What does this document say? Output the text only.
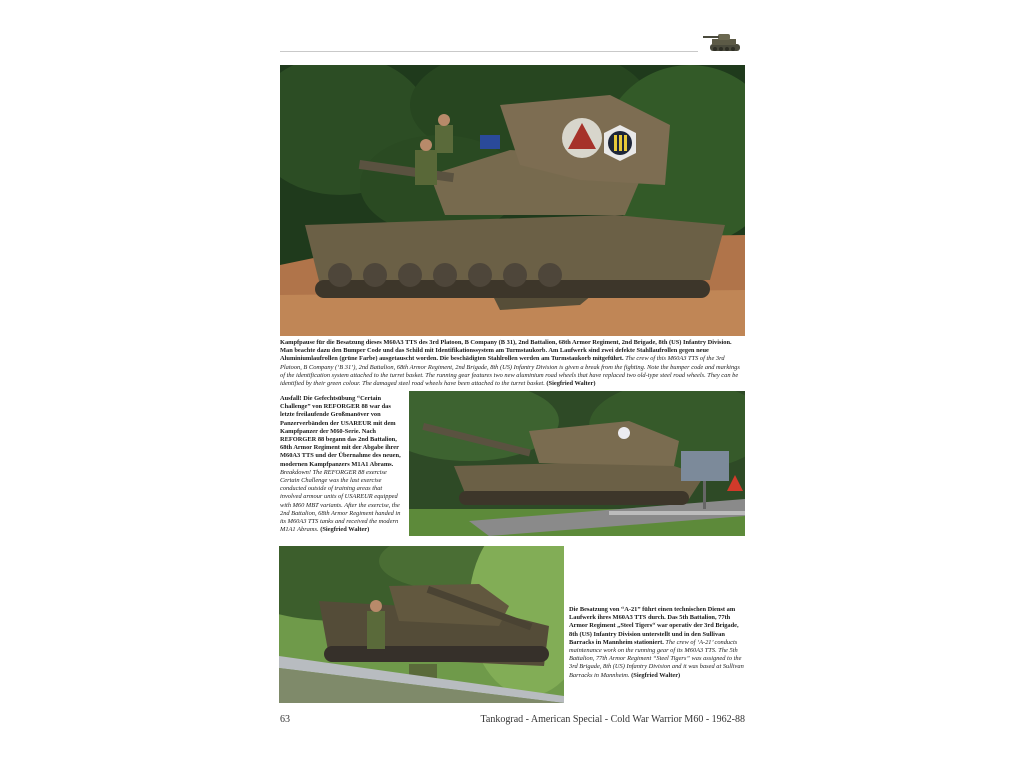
Kampfpause für die Besatzung dieses M60A3 TTS des 3rd Platoon, B Company (B 31), 2nd Battalion, 68th Armor Regiment, 2nd Brigade, 8th (US) Infantry Division. Man beachte dazu den Bumper Code und das Schild mit Identifikationssystem am Turmstaukorb. Am Laufwerk sind zwei defekte Stahllaufrollen gegen neue Aluminiumlaufrollen (grüne Farbe) ausgetauscht worden. Die beschädigten Stahlrollen werden am Turmstaukorb mitgeführt. The crew of this M60A3 TTS of the 3rd Platoon, B Company (‘B 31’), 2nd Battalion, 68th Armor Regiment, 2nd Brigade, 8th (US) Infantry Division is given a break from the fighting. Note the bumper code and markings of the identification system attached to the turret basket. The running gear features two new aluminium road wheels that have replaced two old-type steel road wheels. They can be identified by their green colour. The damaged steel road wheels have been attached to the turret basket. (Siegfried Walter)
Ausfall! Die Gefechtsübung “Certain Challenge” von REFORGER 88 war das letzte freilaufende Großmanöver von Panzerverbänden der USAREUR mit dem Kampfpanzer der M60-Serie. Nach REFORGER 88 begann das 2nd Battalion, 68th Armor Regiment mit der Abgabe ihrer M60A3 TTS und der Übernahme des neuen, modernen Kampfpanzers M1A1 Abrams. Breakdown! The REFORGER 88 exercise Certain Challenge was the last exercise conducted outside of training areas that involved armour units of USAREUR equipped with M60 MBT variants. After the exercise, the 2nd Battalion, 68th Armor Regiment handed in its M60A3 TTS tanks and received the modern M1A1 Abrams. (Siegfried Walter)
Die Besatzung von “A-21” führt einen technischen Dienst am Laufwerk ihres M60A3 TTS durch. Das 5th Battalion, 77th Armor Regiment „Steel Tigers“ war operativ der 3rd Brigade, 8th (US) Infantry Division unterstellt und in den Sullivan Barracks in Mannheim stationiert. The crew of ‘A-21’ conducts maintenance work on the running gear of its M60A3 TTS. The 5th Battalion, 77th Armor Regiment “Steel Tigers” was assigned to the 3rd Brigade, 8th (US) Infantry Division and it was based at Sullivan Barracks in Mannheim. (Siegfried Walter)
63	Tankograd - American Special - Cold War Warrior M60 - 1962-88
